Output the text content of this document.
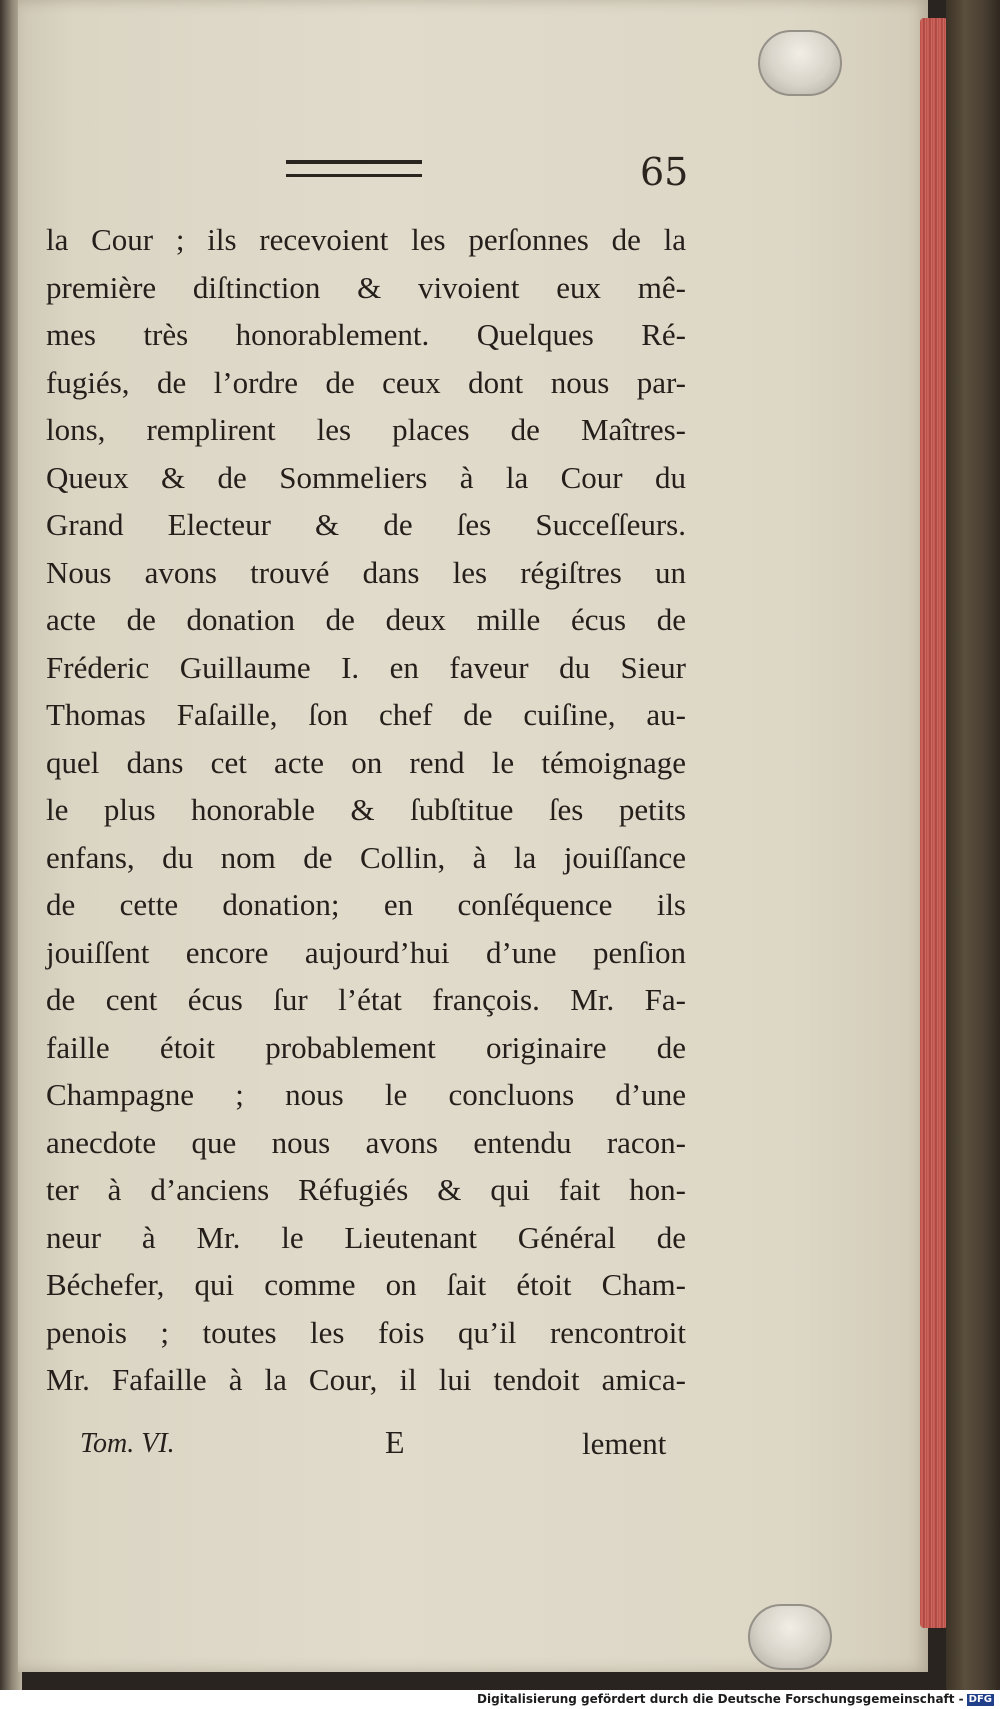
65
la Cour ; ils recevoient les perſonnes de la
première diſtinction & vivoient eux mê-
mes très honorablement. Quelques Ré-
fugiés, de l’ordre de ceux dont nous par-
lons, remplirent les places de Maîtres-
Queux & de Sommeliers à la Cour du
Grand Electeur & de ſes Succeſſeurs.
Nous avons trouvé dans les régiſtres un
acte de donation de deux mille écus de
Fréderic Guillaume I. en faveur du Sieur
Thomas Faſaille, ſon chef de cuiſine, au-
quel dans cet acte on rend le témoignage
le plus honorable & ſubſtitue ſes petits
enfans, du nom de Collin, à la jouiſſance
de cette donation; en conſéquence ils
jouiſſent encore aujourd’hui d’une penſion
de cent écus ſur l’état françois. Mr. Fa-
faille étoit probablement originaire de
Champagne ; nous le concluons d’une
anecdote que nous avons entendu racon-
ter à d’anciens Réfugiés & qui fait hon-
neur à Mr. le Lieutenant Général de
Béchefer, qui comme on ſait étoit Cham-
penois ; toutes les fois qu’il rencontroit
Mr. Fafaille à la Cour, il lui tendoit amica-
Tom. VI.	E	lement
Digitalisierung gefördert durch die Deutsche Forschungsgemeinschaft - DFG
